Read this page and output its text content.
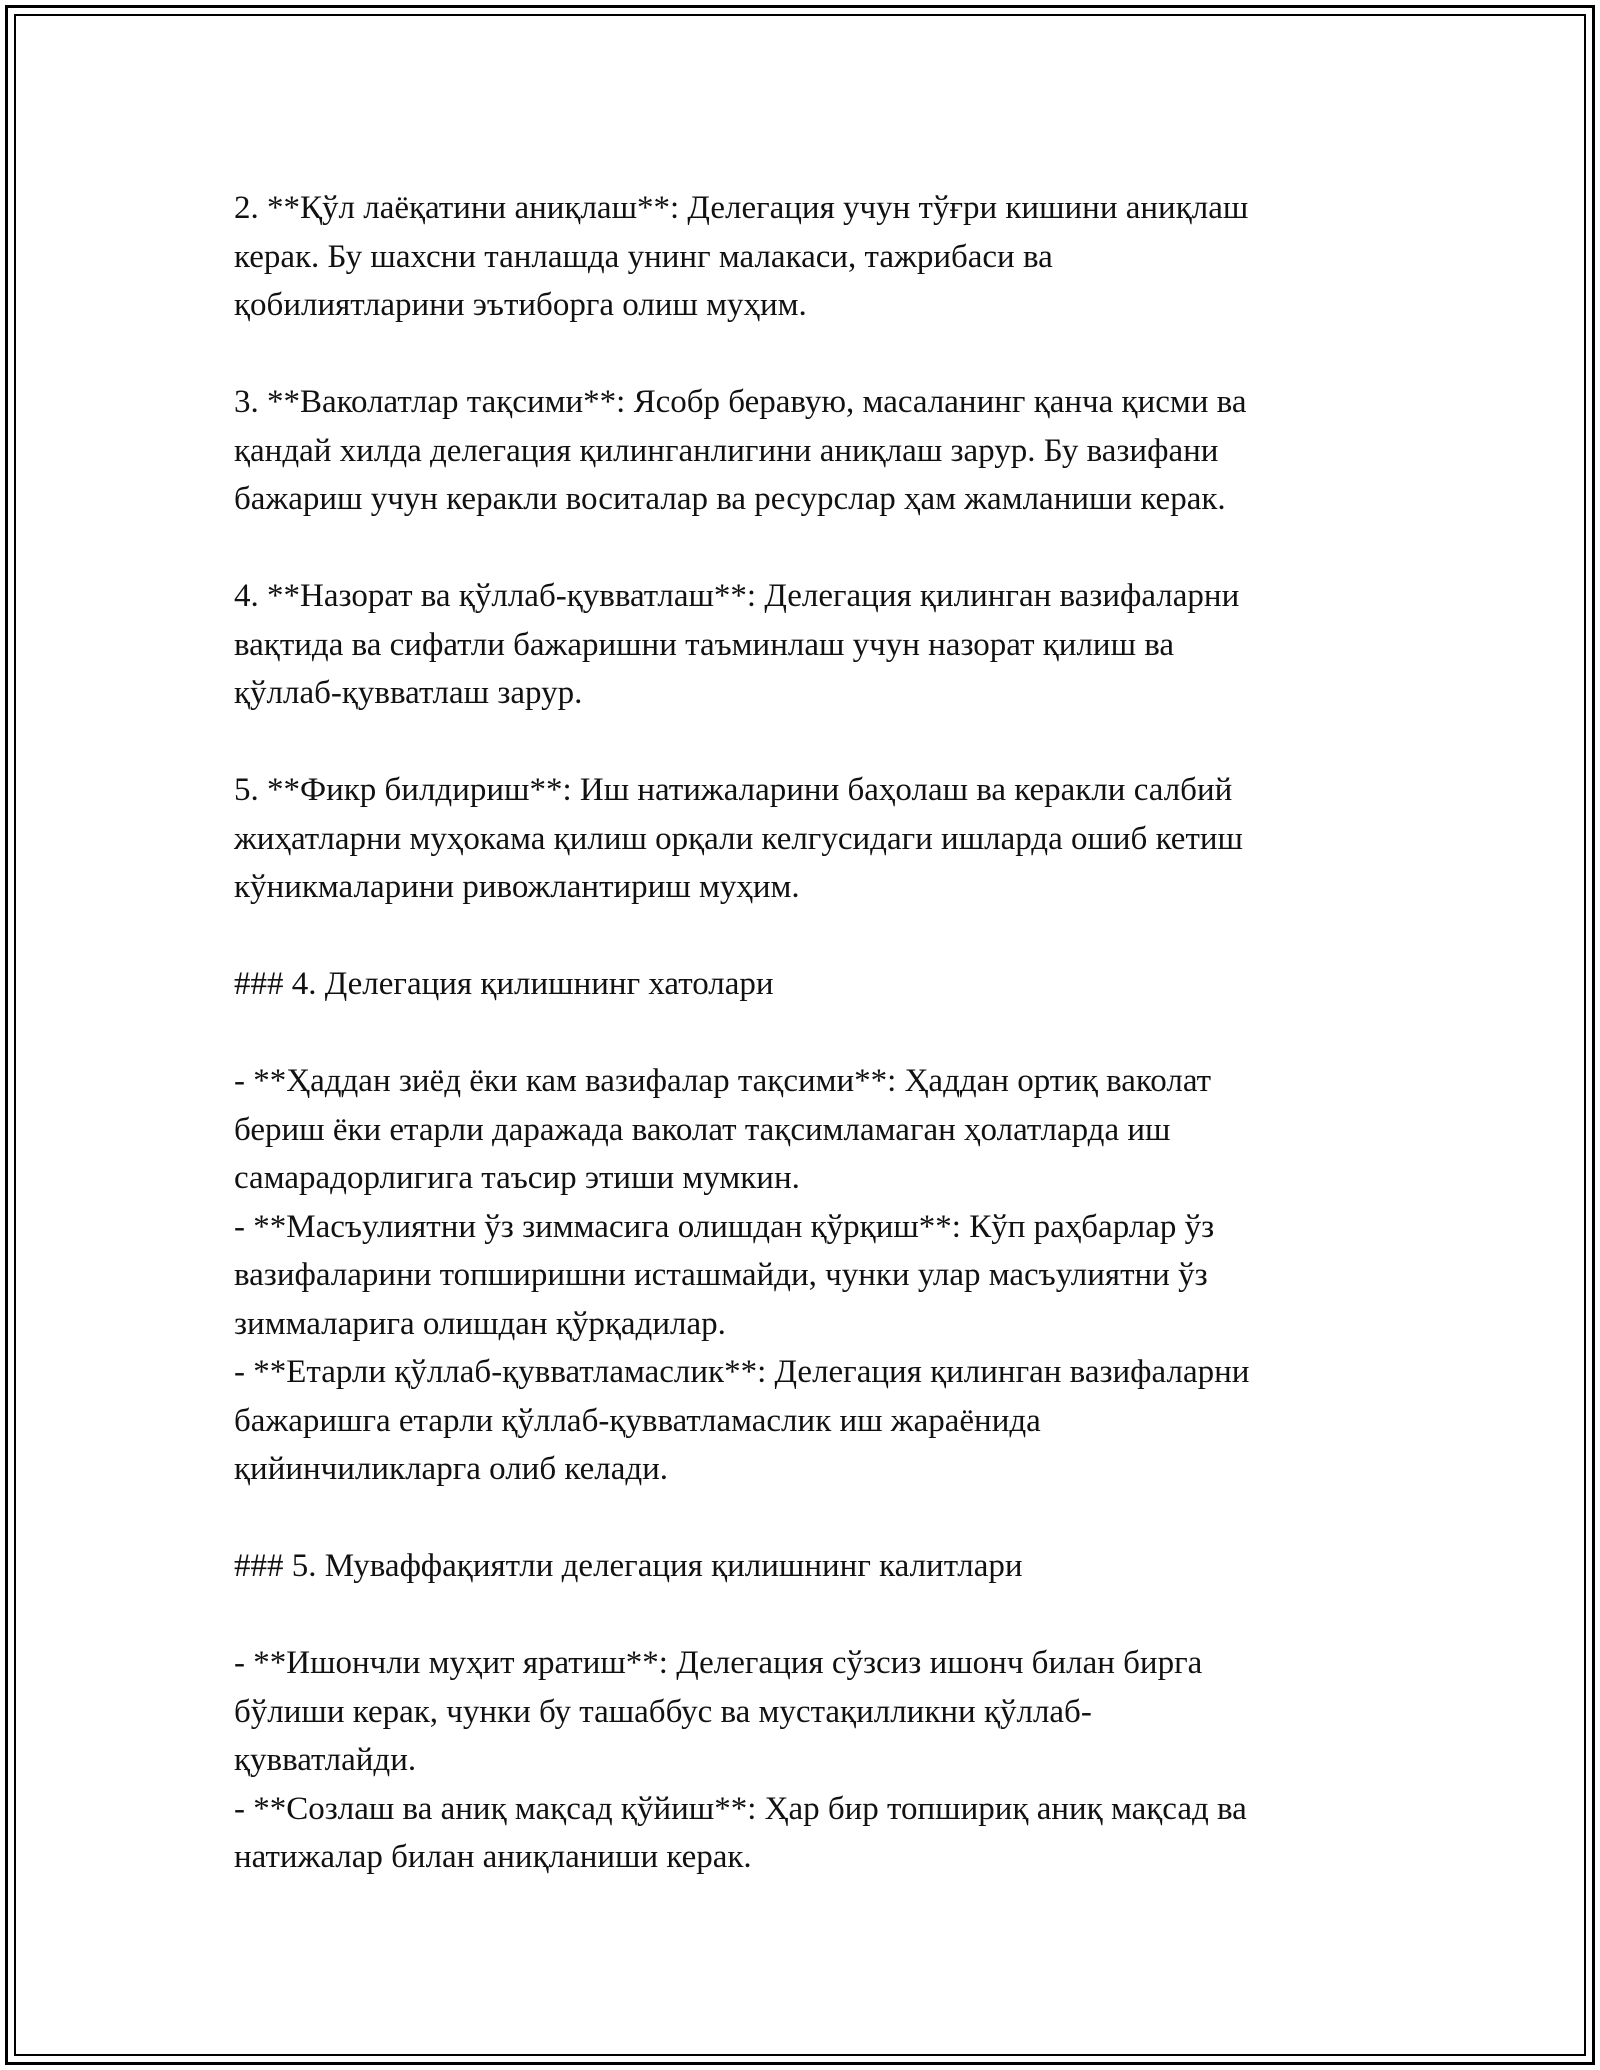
2. **Қўл лаёқатини аниқлаш**: Делегация учун тўғри кишини аниқлаш
керак. Бу шахсни танлашда унинг малакаси, тажрибаси ва
қобилиятларини эътиборга олиш муҳим.

3. **Ваколатлар тақсими**: Ясобр беравую, масаланинг қанча қисми ва
қандай хилда делегация қилинганлигини аниқлаш зарур. Бу вазифани
бажариш учун керакли воситалар ва ресурслар ҳам жамланиши керак.

4. **Назорат ва қўллаб-қувватлаш**: Делегация қилинган вазифаларни
вақтида ва сифатли бажаришни таъминлаш учун назорат қилиш ва
қўллаб-қувватлаш зарур.

5. **Фикр билдириш**: Иш натижаларини баҳолаш ва керакли салбий
жиҳатларни муҳокама қилиш орқали келгусидаги ишларда ошиб кетиш
кўникмаларини ривожлантириш муҳим.

### 4. Делегация қилишнинг хатолари

- **Ҳаддан зиёд ёки кам вазифалар тақсими**: Ҳаддан ортиқ ваколат
бериш ёки етарли даражада ваколат тақсимламаган ҳолатларда иш
самарадорлигига таъсир этиши мумкин.
- **Масъулиятни ўз зиммасига олишдан қўрқиш**: Кўп раҳбарлар ўз
вазифаларини топширишни исташмайди, чунки улар масъулиятни ўз
зиммаларига олишдан қўрқадилар.
- **Етарли қўллаб-қувватламаслик**: Делегация қилинган вазифаларни
бажаришга етарли қўллаб-қувватламаслик иш жараёнида
қийинчиликларга олиб келади.

### 5. Муваффақиятли делегация қилишнинг калитлари

- **Ишончли муҳит яратиш**: Делегация сўзсиз ишонч билан бирга
бўлиши керак, чунки бу ташаббус ва мустақилликни қўллаб-
қувватлайди.
- **Созлаш ва аниқ мақсад қўйиш**: Ҳар бир топшириқ аниқ мақсад ва
натижалар билан аниқланиши керак.
